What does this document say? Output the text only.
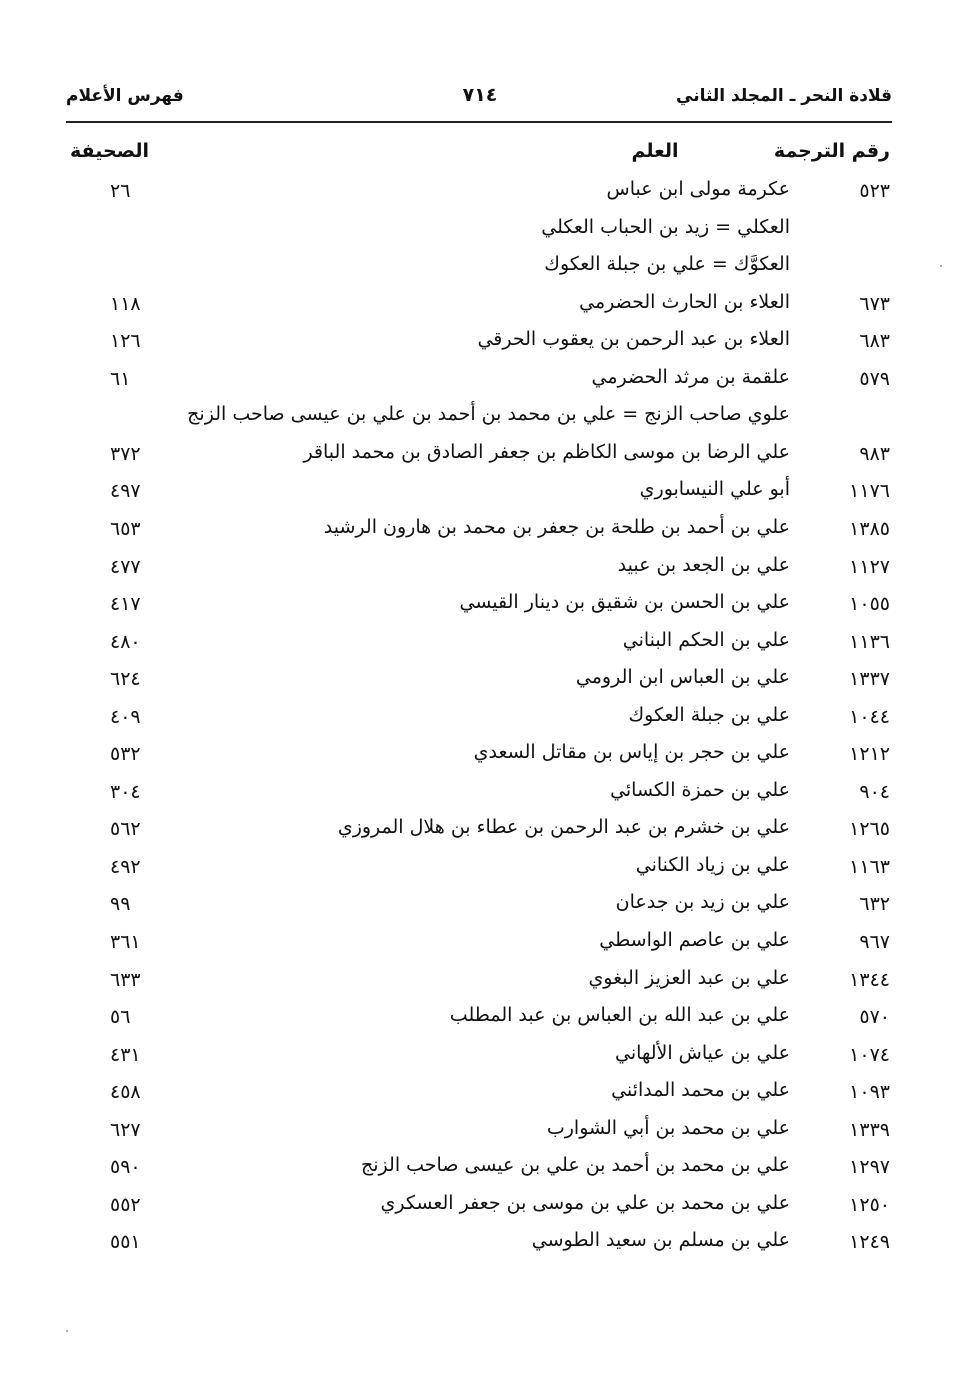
قلادة النحر ـ المجلد الثاني
٧١٤
فهرس الأعلام
رقم الترجمة
العلم
الصحيفة
٥٢٣
عكرمة مولى ابن عباس
٢٦
العكلي = زيد بن الحباب العكلي
العكوَّك = علي بن جبلة العكوك
٦٧٣
العلاء بن الحارث الحضرمي
١١٨
٦٨٣
العلاء بن عبد الرحمن بن يعقوب الحرقي
١٢٦
٥٧٩
علقمة بن مرثد الحضرمي
٦١
علوي صاحب الزنج = علي بن محمد بن أحمد بن علي بن عيسى صاحب الزنج
٩٨٣
علي الرضا بن موسى الكاظم بن جعفر الصادق بن محمد الباقر
٣٧٢
١١٧٦
أبو علي النيسابوري
٤٩٧
١٣٨٥
علي بن أحمد بن طلحة بن جعفر بن محمد بن هارون الرشيد
٦٥٣
١١٢٧
علي بن الجعد بن عبيد
٤٧٧
١٠٥٥
علي بن الحسن بن شقيق بن دينار القيسي
٤١٧
١١٣٦
علي بن الحكم البناني
٤٨٠
١٣٣٧
علي بن العباس ابن الرومي
٦٢٤
١٠٤٤
علي بن جبلة العكوك
٤٠٩
١٢١٢
علي بن حجر بن إياس بن مقاتل السعدي
٥٣٢
٩٠٤
علي بن حمزة الكسائي
٣٠٤
١٢٦٥
علي بن خشرم بن عبد الرحمن بن عطاء بن هلال المروزي
٥٦٢
١١٦٣
علي بن زياد الكناني
٤٩٢
٦٣٢
علي بن زيد بن جدعان
٩٩
٩٦٧
علي بن عاصم الواسطي
٣٦١
١٣٤٤
علي بن عبد العزيز البغوي
٦٣٣
٥٧٠
علي بن عبد الله بن العباس بن عبد المطلب
٥٦
١٠٧٤
علي بن عياش الألهاني
٤٣١
١٠٩٣
علي بن محمد المدائني
٤٥٨
١٣٣٩
علي بن محمد بن أبي الشوارب
٦٢٧
١٢٩٧
علي بن محمد بن أحمد بن علي بن عيسى صاحب الزنج
٥٩٠
١٢٥٠
علي بن محمد بن علي بن موسى بن جعفر العسكري
٥٥٢
١٢٤٩
علي بن مسلم بن سعيد الطوسي
٥٥١
